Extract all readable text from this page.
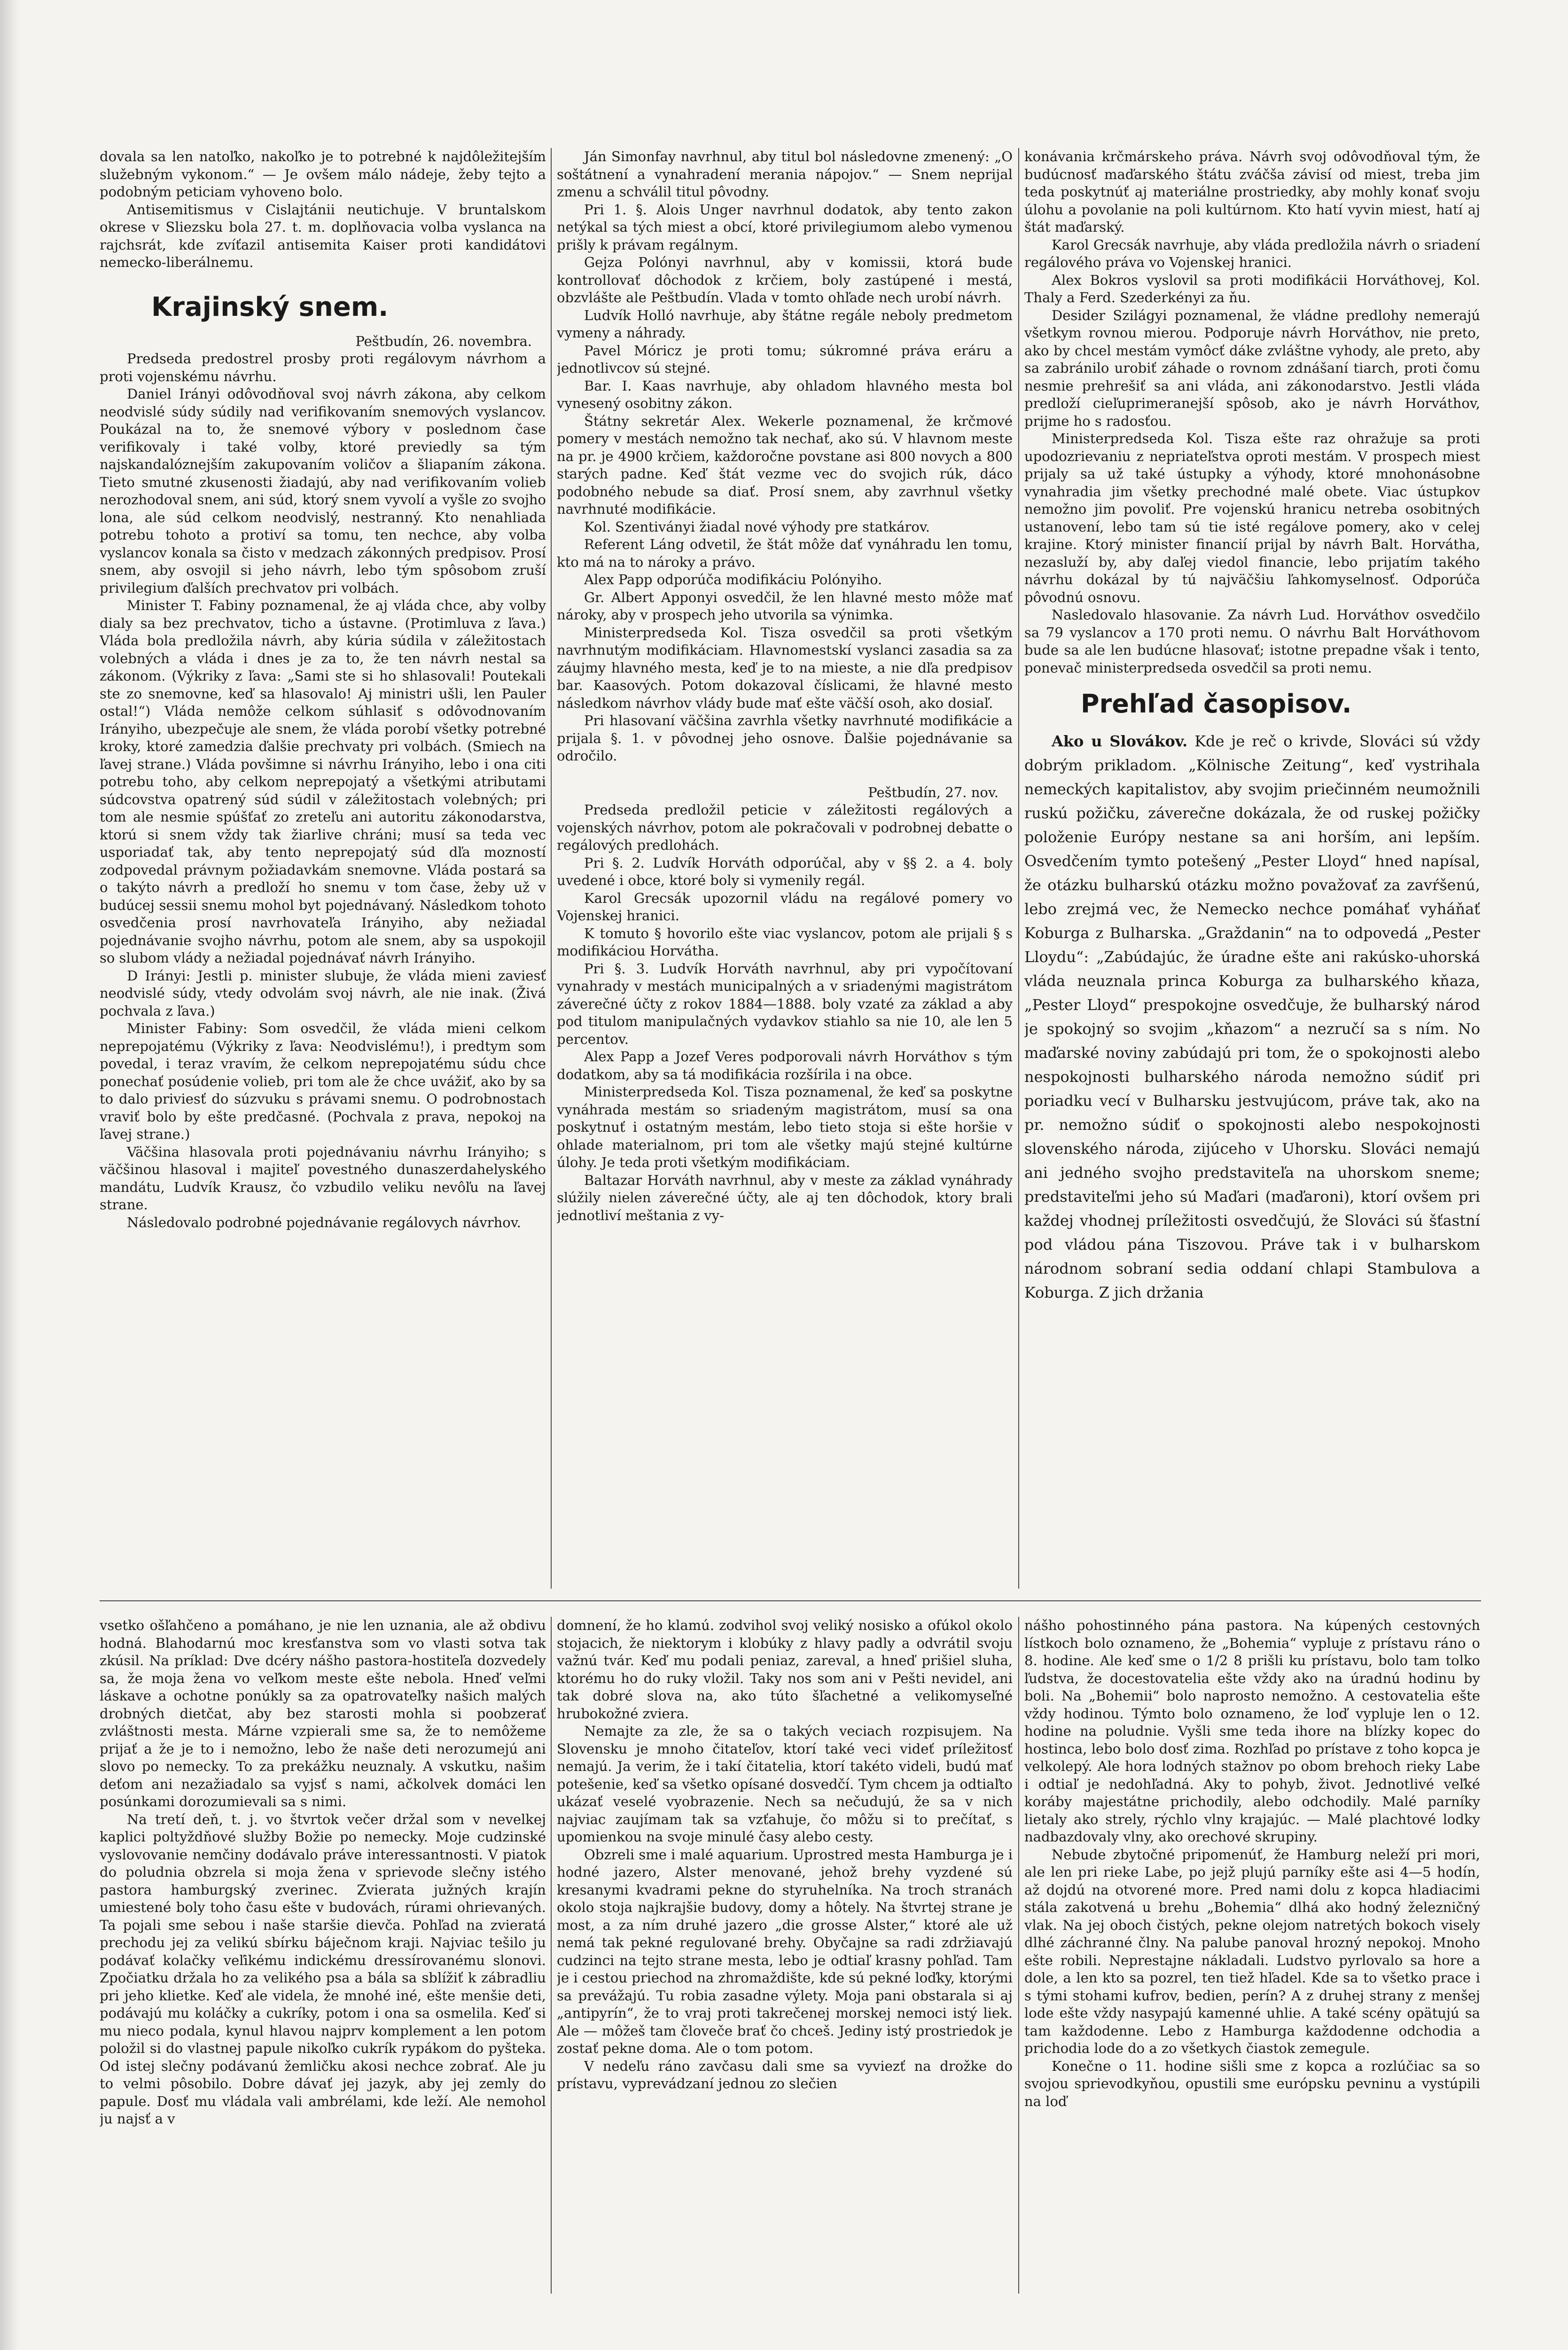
dovala sa len natoľko, nakoľko je to potrebné k najdôležitejším služebným vykonom.“ — Je ovšem málo nádeje, žeby tejto a podobným peticiam vyhoveno bolo.

Antisemitismus v Cislajtánii neutichuje. V bruntalskom okrese v Sliezsku bola 27. t. m. doplňovacia volba vyslanca na rajchsrát, kde zvíťazil antisemita Kaiser proti kandidátovi nemecko-liberálnemu.

Krajinský snem.

Peštbudín, 26. novembra.

Predseda predostrel prosby proti regálovym návrhom a proti vojenskému návrhu.

Daniel Irányi odôvodňoval svoj návrh zákona, aby celkom neodvislé súdy súdily nad verifikovaním snemových vyslancov. Poukázal na to, že snemové výbory v poslednom čase verifikovaly i také volby, ktoré previedly sa tým najskandalóznejším zakupovaním voličov a šliapaním zákona. Tieto smutné zkusenosti žiadajú, aby nad verifikovaním volieb nerozhodoval snem, ani súd, ktorý snem vyvolí a vyšle zo svojho lona, ale súd celkom neodvislý, nestranný. Kto nenahliada potrebu tohoto a protiví sa tomu, ten nechce, aby volba vyslancov konala sa čisto v medzach zákonných predpisov. Prosí snem, aby osvojil si jeho návrh, lebo tým spôsobom zruší privilegium ďalších prechvatov pri volbách.

Minister T. Fabiny poznamenal, že aj vláda chce, aby volby dialy sa bez prechvatov, ticho a ústavne. (Protimluva z ľava.) Vláda bola predložila návrh, aby kúria súdila v záležitostach volebných a vláda i dnes je za to, že ten návrh nestal sa zákonom. (Výkriky z ľava: „Sami ste si ho shlasovali! Poutekali ste zo snemovne, keď sa hlasovalo! Aj ministri ušli, len Pauler ostal!“) Vláda nemôže celkom súhlasiť s odôvodnovaním Irányiho, ubezpečuje ale snem, že vláda porobí všetky potrebné kroky, ktoré zamedzia ďalšie prechvaty pri volbách. (Smiech na ľavej strane.) Vláda povšimne si návrhu Irányiho, lebo i ona citi potrebu toho, aby celkom neprepojatý a všetkými atributami súdcovstva opatrený súd súdil v záležitostach volebných; pri tom ale nesmie spúšťať zo zreteľu ani autoritu zákonodarstva, ktorú si snem vždy tak žiarlive chráni; musí sa teda vec usporiadať tak, aby tento neprepojatý súd dľa mozností zodpovedal právnym požiadavkám snemovne. Vláda postará sa o takýto návrh a predloží ho snemu v tom čase, žeby už v budúcej sessii snemu mohol byt pojednávaný. Následkom tohoto osvedčenia prosí navrhovateľa Irányiho, aby nežiadal pojednávanie svojho návrhu, potom ale snem, aby sa uspokojil so slubom vlády a nežiadal pojednávať návrh Irányiho.

D Irányi: Jestli p. minister slubuje, že vláda mieni zaviesť neodvislé súdy, vtedy odvolám svoj návrh, ale nie inak. (Živá pochvala z ľava.)

Minister Fabiny: Som osvedčil, že vláda mieni celkom neprepojatému (Výkriky z ľava: Neodvislému!), i predtym som povedal, i teraz vravím, že celkom neprepojatému súdu chce ponechať posúdenie volieb, pri tom ale že chce uvážiť, ako by sa to dalo priviesť do súzvuku s právami snemu. O podrobnostach vraviť bolo by ešte predčasné. (Pochvala z prava, nepokoj na ľavej strane.)

Väčšina hlasovala proti pojednávaniu návrhu Irányiho; s väčšinou hlasoval i majiteľ povestného dunaszerdahelyského mandátu, Ludvík Krausz, čo vzbudilo veliku nevôľu na ľavej strane.

Následovalo podrobné pojednávanie regálovych návrhov.

Ján Simonfay navrhnul, aby titul bol následovne zmenený: „O soštátnení a vynahradení merania nápojov.“ — Snem neprijal zmenu a schválil titul pôvodny.

Pri 1. §. Alois Unger navrhnul dodatok, aby tento zakon netýkal sa tých miest a obcí, ktoré privilegiumom alebo vymenou prišly k právam regálnym.

Gejza Polónyi navrhnul, aby v komissii, ktorá bude kontrollovať dôchodok z krčiem, boly zastúpené i mestá, obzvlášte ale Peštbudín. Vlada v tomto ohľade nech urobí návrh.

Ludvík Holló navrhuje, aby štátne regále neboly predmetom vymeny a náhrady.

Pavel Móricz je proti tomu; súkromné práva eráru a jednotlivcov sú stejné.

Bar. I. Kaas navrhuje, aby ohladom hlavného mesta bol vynesený osobitny zákon.

Štátny sekretár Alex. Wekerle poznamenal, že krčmové pomery v mestách nemožno tak nechať, ako sú. V hlavnom meste na pr. je 4900 krčiem, každoročne povstane asi 800 novych a 800 starých padne. Keď štát vezme vec do svojich rúk, dáco podobného nebude sa diať. Prosí snem, aby zavrhnul všetky navrhnuté modifikácie.

Kol. Szentiványi žiadal nové výhody pre statkárov.

Referent Láng odvetil, že štát môže dať vynáhradu len tomu, kto má na to nároky a právo.

Alex Papp odporúča modifikáciu Polónyiho.

Gr. Albert Apponyi osvedčil, že len hlavné mesto môže mať nároky, aby v prospech jeho utvorila sa výnimka.

Ministerpredseda Kol. Tisza osvedčil sa proti všetkým navrhnutým modifikáciam. Hlavnomestskí vyslanci zasadia sa za záujmy hlavného mesta, keď je to na mieste, a nie dľa predpisov bar. Kaasových. Potom dokazoval číslicami, že hlavné mesto následkom návrhov vlády bude mať ešte väčší osoh, ako dosiaľ.

Pri hlasovaní väčšina zavrhla všetky navrhnuté modifikácie a prijala §. 1. v pôvodnej jeho osnove. Ďalšie pojednávanie sa odročilo.

Peštbudín, 27. nov.

Predseda predložil peticie v záležitosti regálových a vojenských návrhov, potom ale pokračovali v podrobnej debatte o regálových predlohách.

Pri §. 2. Ludvík Horváth odporúčal, aby v §§ 2. a 4. boly uvedené i obce, ktoré boly si vymenily regál.

Karol Grecsák upozornil vládu na regálové pomery vo Vojenskej hranici.

K tomuto § hovorilo ešte viac vyslancov, potom ale prijali § s modifikáciou Horvátha.

Pri §. 3. Ludvík Horváth navrhnul, aby pri vypočítovaní vynahrady v mestách municipalných a v sriadenými magistrátom záverečné účty z rokov 1884—1888. boly vzaté za základ a aby pod titulom manipulačných vydavkov stiahlo sa nie 10, ale len 5 percentov.

Alex Papp a Jozef Veres podporovali návrh Horváthov s tým dodatkom, aby sa tá modifikácia rozšírila i na obce.

Ministerpredseda Kol. Tisza poznamenal, že keď sa poskytne vynáhrada mestám so sriadeným magistrátom, musí sa ona poskytnuť i ostatným mestám, lebo tieto stoja si ešte horšie v ohlade materialnom, pri tom ale všetky majú stejné kultúrne úlohy. Je teda proti všetkým modifikáciam.

Baltazar Horváth navrhnul, aby v meste za základ vynáhrady slúžily nielen záverečné účty, ale aj ten dôchodok, ktory brali jednotliví meštania z vy-

konávania krčmárskeho práva. Návrh svoj odôvodňoval tým, že budúcnosť maďarského štátu zváčša závisí od miest, treba jim teda poskytnúť aj materiálne prostriedky, aby mohly konať svoju úlohu a povolanie na poli kultúrnom. Kto hatí vyvin miest, hatí aj štát maďarský.

Karol Grecsák navrhuje, aby vláda predložila návrh o sriadení regálového práva vo Vojenskej hranici.

Alex Bokros vyslovil sa proti modifikácii Horváthovej, Kol. Thaly a Ferd. Szederkényi za ňu.

Desider Szilágyi poznamenal, že vládne predlohy nemerajú všetkym rovnou mierou. Podporuje návrh Horváthov, nie preto, ako by chcel mestám vymôcť dáke zvláštne vyhody, ale preto, aby sa zabránilo urobiť záhade o rovnom zdnášaní tiarch, proti čomu nesmie prehrešiť sa ani vláda, ani zákonodarstvo. Jestli vláda predloží cieľuprimeranejší spôsob, ako je návrh Horváthov, prijme ho s radosťou.

Ministerpredseda Kol. Tisza ešte raz ohražuje sa proti upodozrievaniu z nepriateľstva oproti mestám. V prospech miest prijaly sa už také ústupky a výhody, ktoré mnohonásobne vynahradia jim všetky prechodné malé obete. Viac ústupkov nemožno jim povoliť. Pre vojenskú hranicu netreba osobitných ustanovení, lebo tam sú tie isté regálove pomery, ako v celej krajine. Ktorý minister financií prijal by návrh Balt. Horvátha, nezasluží by, aby daľej viedol financie, lebo prijatím takého návrhu dokázal by tú najväčšiu ľahkomyselnosť. Odporúča pôvodnú osnovu.

Nasledovalo hlasovanie. Za návrh Lud. Horváthov osvedčilo sa 79 vyslancov a 170 proti nemu. O návrhu Balt Horváthovom bude sa ale len budúcne hlasovať; istotne prepadne však i tento, ponevač ministerpredseda osvedčil sa proti nemu.

Prehľad časopisov.

Ako u Slovákov. Kde je reč o krivde, Slováci sú vždy dobrým prikladom. „Kölnische Zeitung“, keď vystrihala nemeckých kapitalistov, aby svojim priečinném neumožnili ruskú požičku, záverečne dokázala, že od ruskej požičky položenie Európy nestane sa ani horším, ani lepším. Osvedčením tymto potešený „Pester Lloyd“ hned napísal, že otázku bulharskú otázku možno považovať za zavŕšenú, lebo zrejmá vec, že Nemecko nechce pomáhať vyháňať Koburga z Bulharska. „Graždanin“ na to odpovedá „Pester Lloydu“: „Zabúdajúc, že úradne ešte ani rakúsko-uhorská vláda neuznala princa Koburga za bulharského kňaza, „Pester Lloyd“ prespokojne osvedčuje, že bulharský národ je spokojný so svojim „kňazom“ a nezručí sa s ním. No maďarské noviny zabúdajú pri tom, že o spokojnosti alebo nespokojnosti bulharského národa nemožno súdiť pri poriadku vecí v Bulharsku jestvujúcom, práve tak, ako na pr. nemožno súdiť o spokojnosti alebo nespokojnosti slovenského národa, zijúceho v Uhorsku. Slováci nemajú ani jedného svojho predstaviteľa na uhorskom sneme; predstaviteľmi jeho sú Maďari (maďaroni), ktorí ovšem pri každej vhodnej príležitosti osvedčujú, že Slováci sú šťastní pod vládou pána Tiszovou. Práve tak i v bulharskom národnom sobraní sedia oddaní chlapi Stambulova a Koburga. Z jich držania

vsetko ošľahčeno a pomáhano, je nie len uznania, ale až obdivu hodná. Blahodarnú moc kresťanstva som vo vlasti sotva tak zkúsil. Na príklad: Dve dcéry nášho pastora-hostiteľa dozvedely sa, že moja žena vo veľkom meste ešte nebola. Hneď veľmi láskave a ochotne ponúkly sa za opatrovateľky našich malých drobných dietčat, aby bez starosti mohla si poobzerať zvláštnosti mesta. Márne vzpierali sme sa, že to nemôžeme prijať a že je to i nemožno, lebo že naše deti nerozumejú ani slovo po nemecky. To za prekážku neuznaly. A vskutku, našim deťom ani nezažiadalo sa vyjsť s nami, ačkolvek domáci len posúnkami dorozumievali sa s nimi.

Na tretí deň, t. j. vo štvrtok večer držal som v nevelkej kaplici poltyždňové služby Božie po nemecky. Moje cudzinské vyslovovanie nemčiny dodávalo práve interessantnosti. V piatok do poludnia obzrela si moja žena v sprievode slečny istého pastora hamburgský zverinec. Zvierata južných krajín umiestené boly toho času ešte v budovách, rúrami ohrievaných. Ta pojali sme sebou i naše staršie dievča. Pohľad na zvieratá prechodu jej za velikú sbírku báječnom kraji. Najviac tešilo ju podávať kolačky veľikému indickému dressírovanému slonovi. Zpočiatku držala ho za velikého psa a bála sa sblížiť k zábradliu pri jeho klietke. Keď ale videla, že mnohé iné, ešte menšie deti, podávajú mu koláčky a cukríky, potom i ona sa osmelila. Keď si mu nieco podala, kynul hlavou najprv komplement a len potom položil si do vlastnej papule nikoľko cukrík rypákom do pyšteka. Od istej slečny podávanú žemličku akosi nechce zobrať. Ale ju to velmi pôsobilo. Dobre dávať jej jazyk, aby jej zemly do papule. Dosť mu vládala vali ambrélami, kde leží. Ale nemohol ju najsť a v

domnení, že ho klamú. zodvihol svoj veliký nosisko a ofúkol okolo stojacich, že niektorym i klobúky z hlavy padly a odvrátil svoju važnú tvár. Keď mu podali peniaz, zareval, a hneď prišiel sluha, ktorému ho do ruky vložil. Taky nos som ani v Pešti nevidel, ani tak dobré slova na, ako túto šľachetné a velikomyseľné hrubokožné zviera.

Nemajte za zle, že sa o takých veciach rozpisujem. Na Slovensku je mnoho čitateľov, ktorí také veci videť príležitosť nemajú. Ja verim, že i takí čitatelia, ktorí takéto videli, budú mať potešenie, keď sa všetko opísané dosvedčí. Tym chcem ja odtiaľto ukázať veselé vyobrazenie. Nech sa nečudujú, že sa v nich najviac zaujímam tak sa vzťahuje, čo môžu si to prečítať, s upomienkou na svoje minulé časy alebo cesty.

Obzreli sme i malé aquarium. Uprostred mesta Hamburga je i hodné jazero, Alster menované, jehož brehy vyzdené sú kresanymi kvadrami pekne do styruhelníka. Na troch stranách okolo stoja najkrajšie budovy, domy a hôtely. Na štvrtej strane je most, a za ním druhé jazero „die grosse Alster,“ ktoré ale už nemá tak pekné regulované brehy. Obyčajne sa radi zdržiavajú cudzinci na tejto strane mesta, lebo je odtiaľ krasny pohľad. Tam je i cestou priechod na zhromaždište, kde sú pekné loďky, ktorými sa prevážajú. Tu robia zasadne výlety. Moja pani obstarala si aj „antipyrín“, že to vraj proti takrečenej morskej nemoci istý liek. Ale — môžeš tam človeče brať čo chceš. Jediny istý prostriedok je zostať pekne doma. Ale o tom potom.

V nedeľu ráno zavčasu dali sme sa vyviezť na drožke do prístavu, vyprevádzaní jednou zo slečien

nášho pohostinného pána pastora. Na kúpených cestovných lístkoch bolo oznameno, že „Bohemia“ vypluje z prístavu ráno o 8. hodine. Ale keď sme o 1/2 8 prišli ku prístavu, bolo tam tolko ľudstva, že docestovatelia ešte vždy ako na úradnú hodinu by boli. Na „Bohemii“ bolo naprosto nemožno. A cestovatelia ešte vždy hodinou. Týmto bolo oznameno, že loď vypluje len o 12. hodine na poludnie. Vyšli sme teda ihore na blízky kopec do hostinca, lebo bolo dosť zima. Rozhľad po prístave z toho kopca je velkolepý. Ale hora lodných stažnov po obom brehoch rieky Labe i odtiaľ je nedohľadná. Aky to pohyb, život. Jednotlivé veľké koráby majestátne prichodily, alebo odchodily. Malé parníky lietaly ako strely, rýchlo vlny krajajúc. — Malé plachtové lodky nadbazdovaly vlny, ako orechové skrupiny.

Nebude zbytočné pripomenúť, že Hamburg neleží pri mori, ale len pri rieke Labe, po jejž plujú parníky ešte asi 4—5 hodín, až dojdú na otvorené more. Pred nami dolu z kopca hladiacimi stála zakotvená u brehu „Bohemia“ dlhá ako hodný železničný vlak. Na jej oboch čistých, pekne olejom natretých bokoch visely dlhé záchranné člny. Na palube panoval hrozný nepokoj. Mnoho ešte robili. Neprestajne nákladali. Ludstvo pyrlovalo sa hore a dole, a len kto sa pozrel, ten tiež hľadel. Kde sa to všetko prace i s tými stohami kufrov, bedien, perín? A z druhej strany z menšej lode ešte vždy nasypajú kamenné uhlie. A také scény opätujú sa tam každodenne. Lebo z Hamburga každodenne odchodia a prichodia lode do a zo všetkych čiastok zemegule.

Konečne o 11. hodine sišli sme z kopca a rozlúčiac sa so svojou sprievodkyňou, opustili sme európsku pevninu a vystúpili na loď
